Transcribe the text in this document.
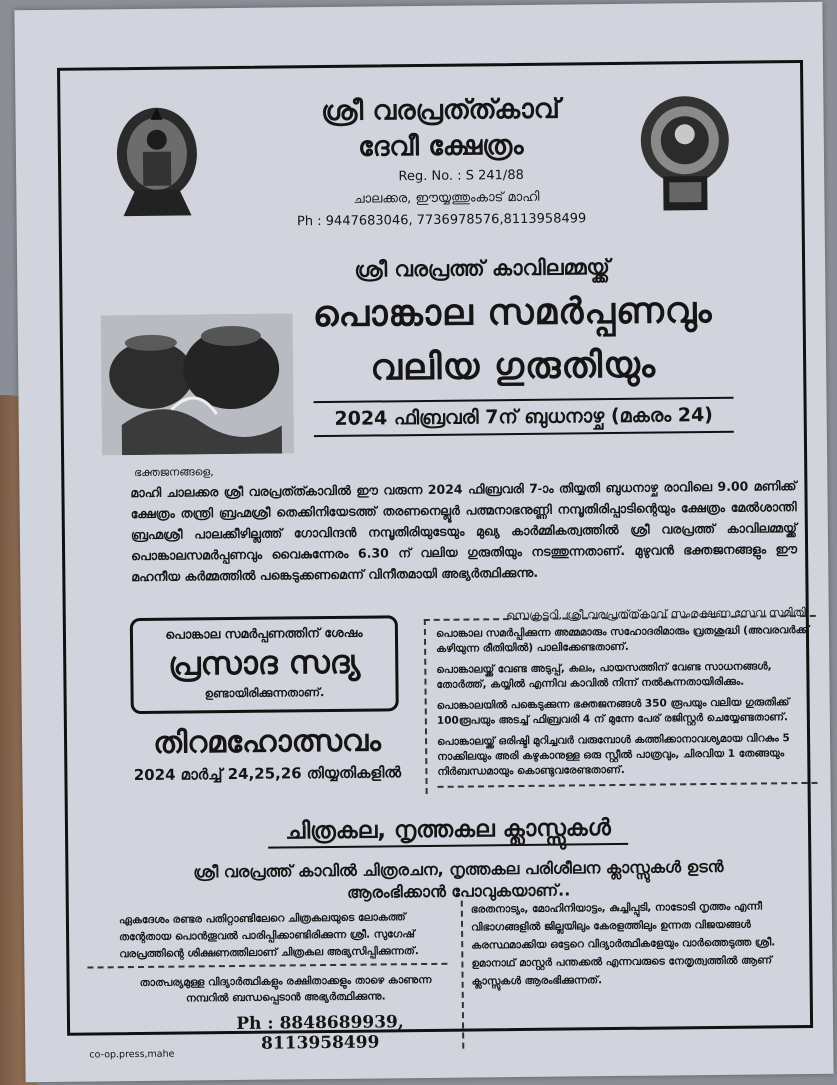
ശ്രീ വരപ്രത്ത്കാവ്
ദേവീ ക്ഷേത്രം
Reg. No. : S 241/88
ചാലക്കര, ഈയ്യത്തുംകാട് മാഹി
Ph : 9447683046, 7736978576,8113958499
ശ്രീ വരപ്രത്ത് കാവിലമ്മയ്ക്ക്
പൊങ്കാല സമർപ്പണവും
വലിയ ഗുരുതിയും
2024 ഫിബ്രവരി 7ന് ബുധനാഴ്ച (മകരം 24)
ഭക്തജനങ്ങളെ,
മാഹി ചാലക്കര ശ്രീ വരപ്രത്ത്കാവിൽ ഈ വരുന്ന 2024 ഫിബ്രവരി 7-ാം തിയ്യതി ബുധനാഴ്ച രാവിലെ 9.00 മണിക്ക് ക്ഷേത്രം തന്ത്രി ബ്രഹ്മശ്രീ തെക്കിനിയേടത്ത് തരണനെല്ലൂർ പത്മനാഭനുണ്ണി നമ്പൂതിരിപ്പാടിന്റെയും ക്ഷേത്രം മേൽശാന്തി ബ്രഹ്മശ്രീ പാലക്കീഴില്ലത്ത് ഗോവിന്ദൻ നമ്പൂതിരിയുടേയും മുഖ്യ കാർമ്മികത്വത്തിൽ ശ്രീ വരപ്രത്ത് കാവിലമ്മയ്ക്ക് പൊങ്കാലസമർപ്പണവും വൈകുന്നേരം 6.30 ന് വലിയ ഗുരുതിയും നടത്തുന്നതാണ്. മുഴുവൻ ഭക്തജനങ്ങളും ഈ മഹനീയ കർമ്മത്തിൽ പങ്കെടുക്കണമെന്ന് വിനീതമായി അഭ്യർത്ഥിക്കുന്നു.
സെക്രട്ടറി, ശ്രീ വരപ്രത്ത്കാവ് സംരക്ഷണ സേവ സമിതി
പൊങ്കാല സമർപ്പണത്തിന് ശേഷം
പ്രസാദ സദ്യ
ഉണ്ടായിരിക്കുന്നതാണ്.
തിറമഹോത്സവം
2024 മാർച്ച് 24,25,26 തിയ്യതികളിൽ
പൊങ്കാല സമർപ്പിക്കുന്ന അമ്മമാരും സഹോദരിമാരും വ്രതശുദ്ധി (അവരവർക്ക് കഴിയുന്ന രീതിയിൽ) പാലിക്കേണ്ടതാണ്.
പൊങ്കാലയ്ക്ക് വേണ്ട അടുപ്പ്, കലം, പായസത്തിന് വേണ്ട സാധനങ്ങൾ, തോർത്ത്, കയ്യിൽ എന്നിവ കാവിൽ നിന്ന് നൽകുന്നതായിരിക്കും.
പൊങ്കാലയിൽ പങ്കെടുക്കുന്ന ഭക്തജനങ്ങൾ 350 രൂപയും വലിയ ഗുരുതിക്ക് 100രൂപയും അടച്ച് ഫിബ്രവരി 4 ന് മുന്നേ പേര് രജിസ്റ്റർ ചെയ്യേണ്ടതാണ്.
പൊങ്കാലയ്ക്ക് ഒരിഷ്ടി മുറിച്ചവർ വരുമ്പോൾ കത്തിക്കാനാവശ്യമായ വിറകും 5 നാക്കിലയും അരി കഴുകാനുള്ള ഒരു സ്റ്റീൽ പാത്രവും, ചിരവിയ 1 തേങ്ങയും നിർബന്ധമായും കൊണ്ടുവരേണ്ടതാണ്.
ചിത്രകല, നൃത്തകല ക്ലാസ്സുകൾ
ശ്രീ വരപ്രത്ത് കാവിൽ ചിത്രരചന, നൃത്തകല പരിശീലന ക്ലാസ്സുകൾ ഉടൻ ആരംഭിക്കാൻ പോവുകയാണ്..
ഏകദേശം രണ്ടര പതിറ്റാണ്ടിലേറെ ചിത്രകലയുടെ ലോകത്ത് തന്റേതായ പൊൻതൂവൽ പാരിപ്പിക്കാണ്ടിരിക്കുന്ന ശ്രീ. സുഗേഷ് വരപ്രത്തിന്റെ ശിക്ഷണത്തിലാണ് ചിത്രകല അഭ്യസിപ്പിക്കുന്നത്.
ഭരതനാട്യം, മോഹിനിയാട്ടം, കുച്ചിപ്പുടി, നാടോടി നൃത്തം എന്നീ വിഭാഗങ്ങളിൽ ജില്ലയിലും കേരളത്തിലും ഉന്നത വിജയങ്ങൾ കരസ്ഥമാക്കിയ ഒട്ടേറെ വിദ്യാർത്ഥികളേയും വാർത്തെടുത്ത ശ്രീ. ഉമാനാഥ് മാസ്റ്റർ പന്തക്കൽ എന്നവരുടെ നേതൃത്വത്തിൽ ആണ് ക്ലാസ്സുകൾ ആരംഭിക്കുന്നത്.
താത്പര്യമുള്ള വിദ്യാർത്ഥികളും രക്ഷിതാക്കളും താഴെ കാണുന്ന നമ്പറിൽ ബന്ധപ്പെടാൻ അഭ്യർത്ഥിക്കുന്നു.
Ph : 8848689939, 8113958499
co-op.press,mahe
